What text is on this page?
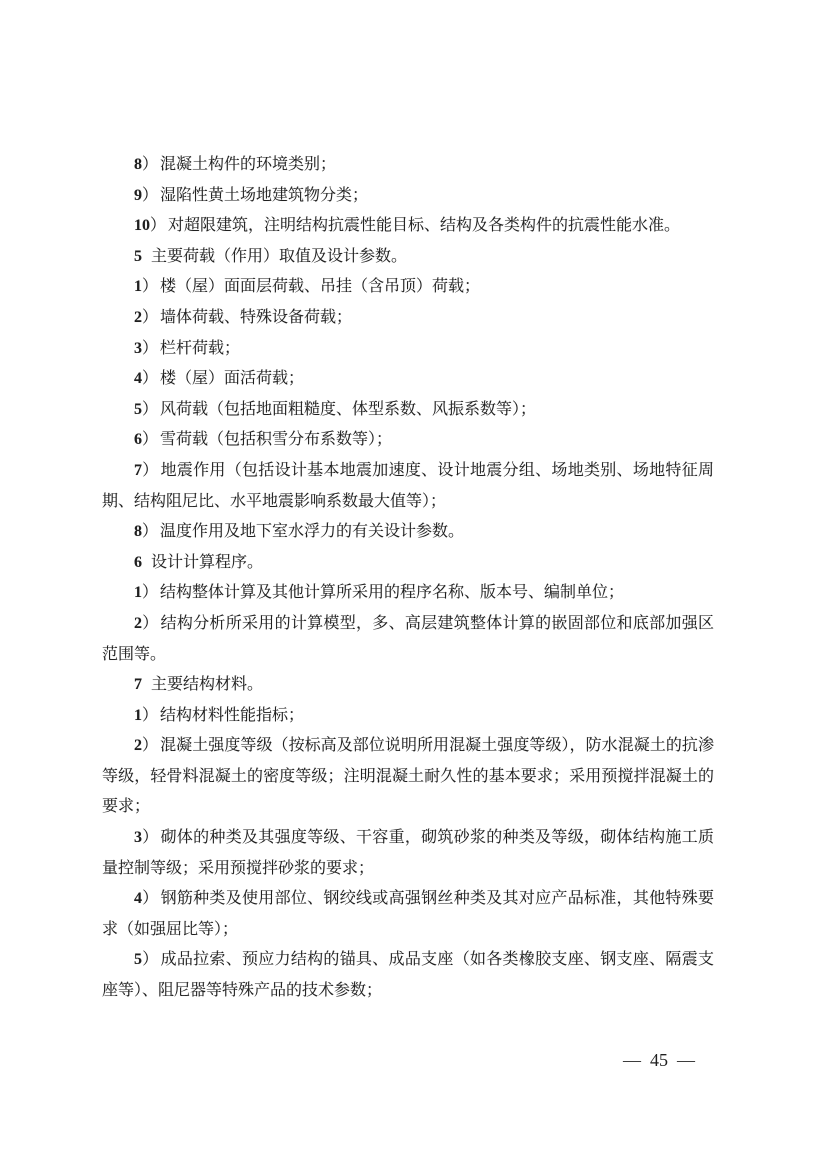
8） 混凝土构件的环境类别；

9） 湿陷性黄土场地建筑物分类；

10） 对超限建筑，注明结构抗震性能目标、结构及各类构件的抗震性能水准。

5 主要荷载（作用）取值及设计参数。

1） 楼（屋）面面层荷载、吊挂（含吊顶）荷载；

2） 墙体荷载、特殊设备荷载；

3） 栏杆荷载；

4） 楼（屋）面活荷载；

5） 风荷载（包括地面粗糙度、体型系数、风振系数等）；

6） 雪荷载（包括积雪分布系数等）；

7） 地震作用（包括设计基本地震加速度、设计地震分组、场地类别、场地特征周期、结构阻尼比、水平地震影响系数最大值等）；

8） 温度作用及地下室水浮力的有关设计参数。

6 设计计算程序。

1） 结构整体计算及其他计算所采用的程序名称、版本号、编制单位；

2） 结构分析所采用的计算模型，多、高层建筑整体计算的嵌固部位和底部加强区范围等。

7 主要结构材料。

1） 结构材料性能指标；

2） 混凝土强度等级（按标高及部位说明所用混凝土强度等级），防水混凝土的抗渗等级，轻骨料混凝土的密度等级；注明混凝土耐久性的基本要求；采用预搅拌混凝土的要求；

3） 砌体的种类及其强度等级、干容重，砌筑砂浆的种类及等级，砌体结构施工质量控制等级；采用预搅拌砂浆的要求；

4） 钢筋种类及使用部位、钢绞线或高强钢丝种类及其对应产品标准，其他特殊要求（如强屈比等）；

5） 成品拉索、预应力结构的锚具、成品支座（如各类橡胶支座、钢支座、隔震支座等）、阻尼器等特殊产品的技术参数；

— 45 —
